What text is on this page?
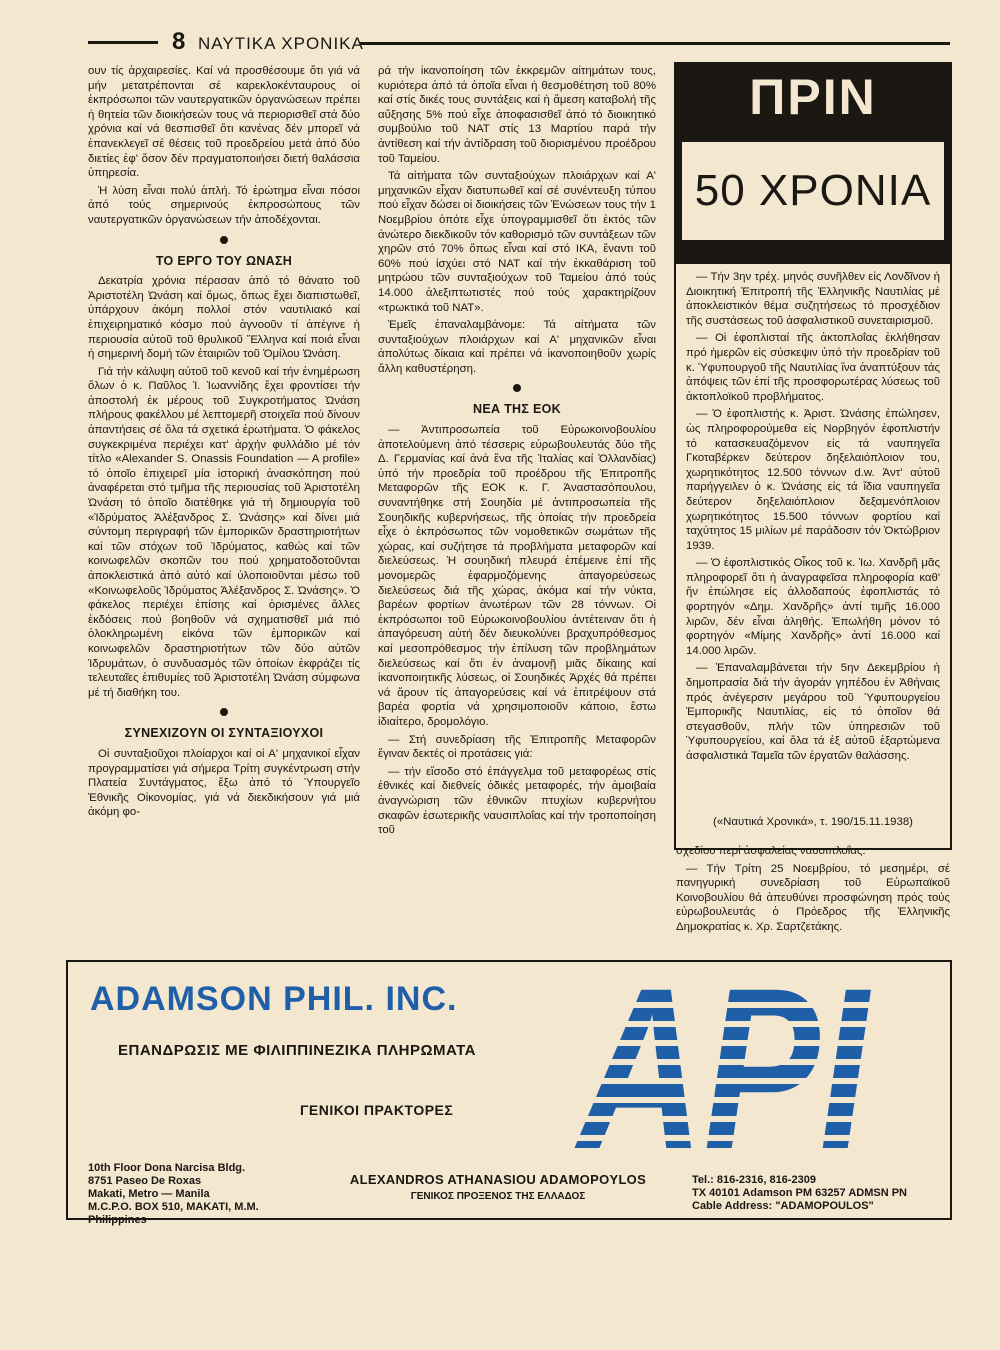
8 ΝΑΥΤΙΚΑ ΧΡΟΝΙΚΑ

ουν τίς ἀρχαιρεσίες. Καί νά προσθέσουμε ὅτι γιά νά μήν μετατρέπονται σέ καρεκλοκένταυρους οἱ ἐκπρόσωποι τῶν ναυτεργατικῶν ὀργανώσεων πρέπει ἡ θητεία τῶν διοικήσεών τους νά περιορισθεῖ στά δύο χρόνια καί νά θεσπισθεῖ ὅτι κανένας δέν μπορεῖ νά ἐπανεκλεγεῖ σέ θέσεις τοῦ προεδρείου μετά ἀπό δύο διετίες ἐφ' ὅσον δέν πραγματοποιήσει διετή θαλάσσια ὑπηρεσία.

Ἡ λύση εἶναι πολύ ἁπλή. Τό ἐρώτημα εἶναι πόσοι ἀπό τούς σημερινούς ἐκπροσώπους τῶν ναυτεργατικῶν ὀργανώσεων τήν ἀποδέχονται.

ΤΟ ΕΡΓΟ ΤΟΥ ΩΝΑΣΗ

Δεκατρία χρόνια πέρασαν ἀπό τό θάνατο τοῦ Ἀριστοτέλη Ὠνάση καί ὅμως, ὅπως ἔχει διαπιστωθεῖ, ὑπάρχουν ἀκόμη πολλοί στόν ναυτιλιακό καί ἐπιχειρηματικό κόσμο πού ἀγνοοῦν τί ἀπέγινε ἡ περιουσία αὐτοῦ τοῦ θρυλικοῦ Ἕλληνα καί ποιά εἶναι ἡ σημερινή δομή τῶν ἑταιριῶν τοῦ Ὁμίλου Ὠνάση.

Γιά τήν κάλυψη αὐτοῦ τοῦ κενοῦ καί τήν ἐνημέρωση ὅλων ὁ κ. Παῦλος Ἰ. Ἰωαννίδης ἔχει φροντίσει τήν ἀποστολή ἐκ μέρους τοῦ Συγκροτήματος Ὠνάση πλήρους φακέλλου μέ λεπτομερῆ στοιχεῖα πού δίνουν ἀπαντήσεις σέ ὅλα τά σχετικά ἐρωτήματα. Ὁ φάκελος συγκεκριμένα περιέχει κατ' ἀρχήν φυλλάδιο μέ τόν τίτλο «Alexander S. Onassis Foundation — A profile» τό ὁποῖο ἐπιχειρεῖ μία ἱστορική ἀνασκόπηση πού ἀναφέρεται στό τμῆμα τῆς περιουσίας τοῦ Ἀριστοτέλη Ὠνάση τό ὁποῖο διατέθηκε γιά τή δημιουργία τοῦ «Ἱδρύματος Ἀλέξανδρος Σ. Ὠνάσης» καί δίνει μιά σύντομη περιγραφή τῶν ἐμπορικῶν δραστηριοτήτων καί τῶν στόχων τοῦ Ἱδρύματος, καθώς καί τῶν κοινωφελῶν σκοπῶν του πού χρηματοδοτοῦνται ἀποκλειστικά ἀπό αὐτό καί ὑλοποιοῦνται μέσω τοῦ «Κοινωφελοῦς Ἱδρύματος Ἀλέξανδρος Σ. Ὠνάσης». Ὁ φάκελος περιέχει ἐπίσης καί ὁρισμένες ἄλλες ἐκδόσεις πού βοηθοῦν νά σχηματισθεῖ μιά πιό ὁλοκληρωμένη εἰκόνα τῶν ἐμπορικῶν καί κοινωφελῶν δραστηριοτήτων τῶν δύο αὐτῶν Ἱδρυμάτων, ὁ συνδυασμός τῶν ὁποίων ἐκφράζει τίς τελευταῖες ἐπιθυμίες τοῦ Ἀριστοτέλη Ὠνάση σύμφωνα μέ τή διαθήκη του.

ΣΥΝΕΧΙΖΟΥΝ ΟΙ ΣΥΝΤΑΞΙΟΥΧΟΙ

Οἱ συνταξιοῦχοι πλοίαρχοι καί οἱ Α' μηχανικοί εἶχαν προγραμματίσει γιά σήμερα Τρίτη συγκέντρωση στήν Πλατεία Συντάγματος, ἔξω ἀπό τό Ὑπουργεῖο Ἐθνικῆς Οἰκονομίας, γιά νά διεκδικήσουν γιά μιά ἀκόμη φο-

ρά τήν ἱκανοποίηση τῶν ἐκκρεμῶν αἰτημάτων τους, κυριότερα ἀπό τά ὁποῖα εἶναι ἡ θεσμοθέτηση τοῦ 80% καί στίς δικές τους συντάξεις καί ἡ ἄμεση καταβολή τῆς αὔξησης 5% πού εἶχε ἀποφασισθεῖ ἀπό τό διοικητικό συμβούλιο τοῦ ΝΑΤ στίς 13 Μαρτίου παρά τήν ἀντίθεση καί τήν ἀντίδραση τοῦ διορισμένου προέδρου τοῦ Ταμείου.

Τά αἰτήματα τῶν συνταξιούχων πλοιάρχων καί Α' μηχανικῶν εἶχαν διατυπωθεῖ καί σέ συνέντευξη τύπου πού εἶχαν δώσει οἱ διοικήσεις τῶν Ἑνώσεων τους τήν 1 Νοεμβρίου ὁπότε εἶχε ὑπογραμμισθεῖ ὅτι ἐκτός τῶν ἀνώτερο διεκδικοῦν τόν καθορισμό τῶν συντάξεων τῶν χηρῶν στό 70% ὅπως εἶναι καί στό ΙΚΑ, ἔναντι τοῦ 60% πού ἰσχύει στό ΝΑΤ καί τήν ἐκκαθάριση τοῦ μητρώου τῶν συνταξιούχων τοῦ Ταμείου ἀπό τούς 14.000 ἀλεξιπτωτιστές πού τούς χαρακτηρίζουν «τρωκτικά τοῦ ΝΑΤ».

Ἐμεῖς ἐπαναλαμβάνομε: Τά αἰτήματα τῶν συνταξιούχων πλοιάρχων καί Α' μηχανικῶν εἶναι ἀπολύτως δίκαια καί πρέπει νά ἱκανοποιηθοῦν χωρίς ἄλλη καθυστέρηση.

ΝΕΑ ΤΗΣ ΕΟΚ

— Ἀντιπροσωπεία τοῦ Εὐρωκοινοβουλίου ἀποτελούμενη ἀπό τέσσερις εὐρωβουλευτάς δύο τῆς Δ. Γερμανίας καί ἀνά ἕνα τῆς Ἰταλίας καί Ὁλλανδίας) ὑπό τήν προεδρία τοῦ προέδρου τῆς Ἐπιτροπῆς Μεταφορῶν τῆς ΕΟΚ κ. Γ. Ἀναστασόπουλου, συναντήθηκε στή Σουηδία μέ ἀντιπροσωπεία τῆς Σουηδικῆς κυβερνήσεως, τῆς ὁποίας τήν προεδρεία εἶχε ὁ ἐκπρόσωπος τῶν νομοθετικῶν σωμάτων τῆς χώρας, καί συζήτησε τά προβλήματα μεταφορῶν καί διελεύσεως. Ἡ σουηδική πλευρά ἐπέμεινε ἐπί τῆς μονομερῶς ἐφαρμοζόμενης ἀπαγορεύσεως διελεύσεως διά τῆς χώρας, ἀκόμα καί τήν νύκτα, βαρέων φορτίων ἀνωτέρων τῶν 28 τόννων. Οἱ ἐκπρόσωποι τοῦ Εὐρωκοινοβουλίου ἀντέτειναν ὅτι ἡ ἀπαγόρευση αὐτή δέν διευκολύνει βραχυπρόθεσμος καί μεσοπρόθεσμος τήν ἐπίλυση τῶν προβλημάτων διελεύσεως καί ὅτι ἐν ἀναμονῇ μιᾶς δίκαιης καί ἱκανοποιητικῆς λύσεως, οἱ Σουηδικές Ἀρχές θά πρέπει νά ἄρουν τίς ἀπαγορεύσεις καί νά ἐπιτρέψουν στά βαρέα φορτία νά χρησιμοποιοῦν κάποιο, ἔστω ἰδιαίτερο, δρομολόγιο.

— Στή συνεδρίαση τῆς Ἐπιτροπῆς Μεταφορῶν ἔγιναν δεκτές οἱ προτάσεις γιά:

— τήν εἴσοδο στό ἐπάγγελμα τοῦ μεταφορέως στίς ἐθνικές καί διεθνείς ὁδικές μεταφορές, τήν ἀμοιβαία ἀναγνώριση τῶν ἐθνικῶν πτυχίων κυβερνήτου σκαφῶν ἐσωτερικῆς ναυσιπλοΐας καί τήν τροποποίηση τοῦ

ΠΡΙΝ
50 ΧΡΟΝΙΑ

— Τήν 3ην τρέχ. μηνός συνῆλθεν εἰς Λονδῖνον ἡ Διοικητική Ἐπιτροπή τῆς Ἑλληνικῆς Ναυτιλίας μέ ἀποκλειστικόν θέμα συζητήσεως τό προσχέδιον τῆς συστάσεως τοῦ ἀσφαλιστικοῦ συνεταιρισμοῦ.

— Οἱ ἐφοπλισταί τῆς ἀκτοπλοΐας ἐκλήθησαν πρό ἡμερῶν εἰς σύσκεψιν ὑπό τήν προεδρίαν τοῦ κ. Ὑφυπουργοῦ τῆς Ναυτιλίας ἵνα ἀναπτύξουν τάς ἀπόψεις τῶν ἐπί τῆς προσφορωτέρας λύσεως τοῦ ἀκτοπλοϊκοῦ προβλήματος.

— Ὁ ἐφοπλιστής κ. Ἀριστ. Ὠνάσης ἐπώλησεν, ὡς πληροφορούμεθα εἰς Νορβηγόν ἐφοπλιστήν τό κατασκευαζόμενον εἰς τά ναυπηγεῖα Γκοταβέρκεν δεύτερον δηξελαιόπλοιον του, χωρητικότητος 12.500 τόννων d.w. Ἀντ' αὐτοῦ παρήγγειλεν ὁ κ. Ὠνάσης εἰς τά ἴδια ναυπηγεῖα δεύτερον δηξελαιόπλοιον δεξαμενόπλοιον χωρητικότητος 15.500 τόννων φορτίου καί ταχύτητος 15 μιλίων μέ παράδοσιν τόν Ὀκτώβριον 1939.

— Ὁ ἐφοπλιστικός Οἶκος τοῦ κ. Ἰω. Χανδρῆ μᾶς πληροφορεῖ ὅτι ἡ ἀναγραφεῖσα πληροφορία καθ' ἥν ἐπώλησε εἰς ἀλλοδαπούς ἐφοπλιστάς τό φορτηγόν «Δημ. Χανδρῆς» ἀντί τιμῆς 16.000 λιρῶν, δέν εἶναι ἀληθής. Ἐπωλήθη μόνον τό φορτηγόν «Μίμης Χανδρῆς» ἀντί 16.000 καί 14.000 λιρῶν.

— Ἐπαναλαμβάνεται τήν 5ην Δεκεμβρίου ἡ δημοπρασία διά τήν ἀγοράν γηπέδου ἐν Ἀθήναις πρός ἀνέγερσιν μεγάρου τοῦ Ὑφυπουργείου Ἐμπορικῆς Ναυτιλίας, εἰς τό ὁποῖον θά στεγασθοῦν, πλήν τῶν ὑπηρεσιῶν τοῦ Ὑφυπουργείου, καί ὅλα τά ἐξ αὐτοῦ ἐξαρτώμενα ἀσφαλιστικά Ταμεῖα τῶν ἐργατῶν θαλάσσης.

(«Ναυτικά Χρονικά», τ. 190/15.11.1938)

σχεδίου περί ἀσφαλείας ναυσιπλοΐας.

— Τήν Τρίτη 25 Νοεμβρίου, τό μεσημέρι, σέ πανηγυρική συνεδρίαση τοῦ Εὐρωπαϊκοῦ Κοινοβουλίου θά ἀπευθύνει προσφώνηση πρός τούς εὐρωβουλευτάς ὁ Πρόεδρος τῆς Ἑλληνικῆς Δημοκρατίας κ. Χρ. Σαρτζετάκης.

ADAMSON PHIL. INC.
ΕΠΑΝΔΡΩΣΙΣ ΜΕ ΦΙΛΙΠΠΙΝΕΖΙΚΑ ΠΛΗΡΩΜΑΤΑ
ΓΕΝΙΚΟΙ ΠΡΑΚΤΟΡΕΣ
10th Floor Dona Narcisa Bldg.
8751 Paseo De Roxas
Makati, Metro — Manila
M.C.P.O. BOX 510, MAKATI, M.M.
Philippines
ALEXANDROS ATHANASIOU ADAMOPOYLOS
ΓΕΝΙΚΟΣ ΠΡΟΞΕΝΟΣ ΤΗΣ ΕΛΛΑΔΟΣ
Tel.: 816-2316, 816-2309
TX 40101 Adamson PM 63257 ADMSN PN
Cable Address: "ADAMOPOULOS"
